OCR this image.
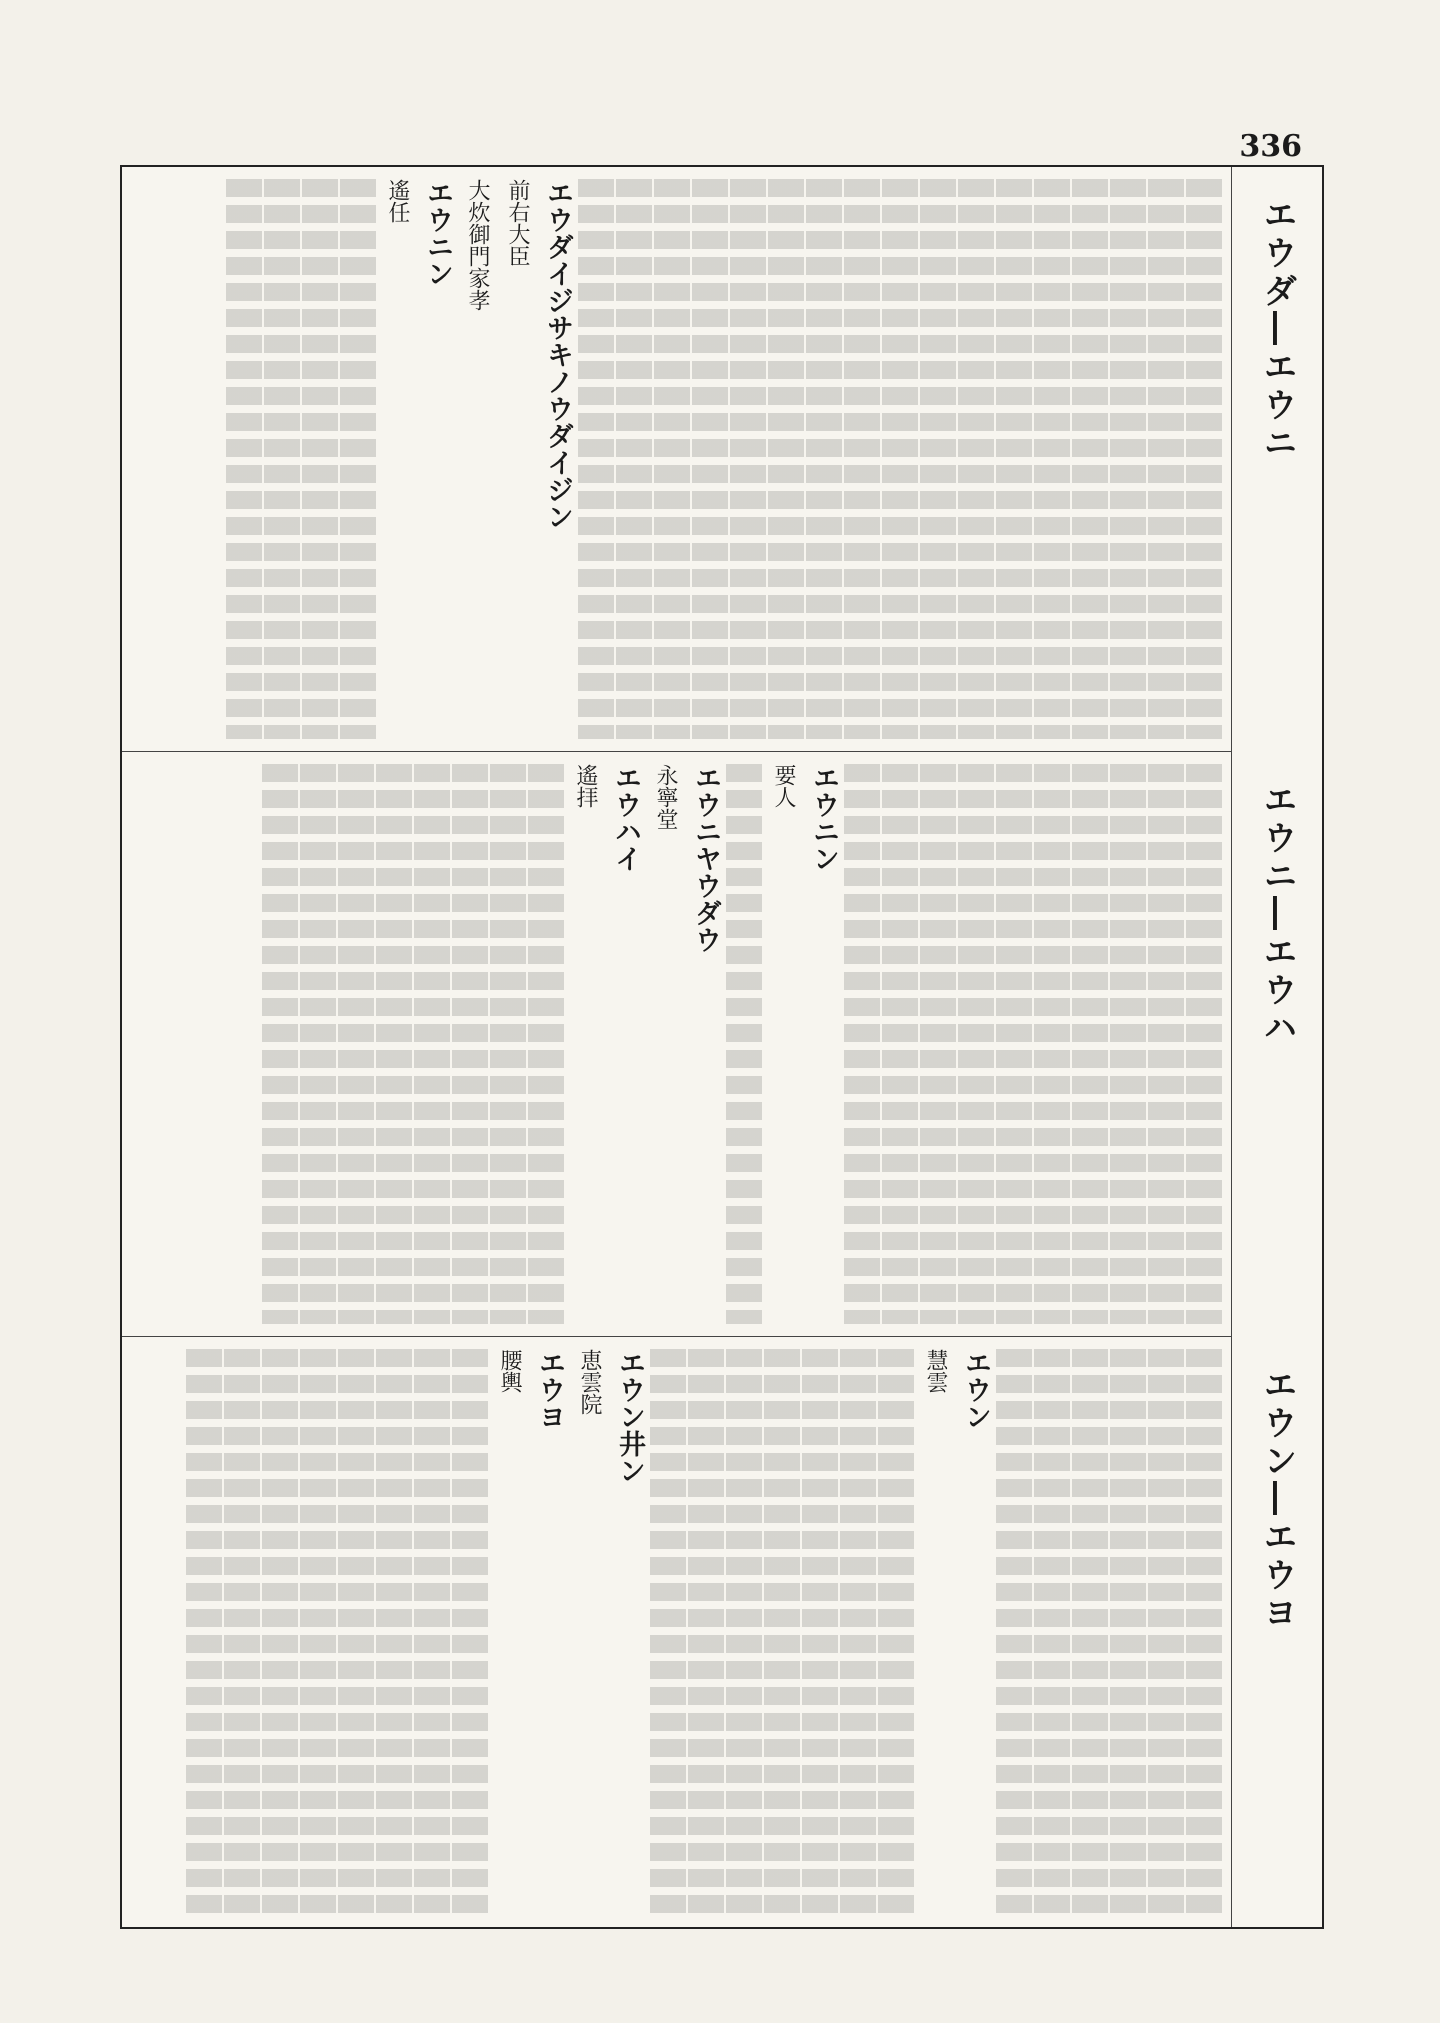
336
エウダ―エウニ
エウニ―エウハ
エウン―エウヨ
エウダイジサキノウダイジン
前右大臣
大炊御門家孝
エウニン
遙任
エウニン
要人
エウニヤウダウ
永寧堂
エウハイ
遙拝
エウン
慧雲
エウン井ン
恵雲院
エウヨ
腰輿
